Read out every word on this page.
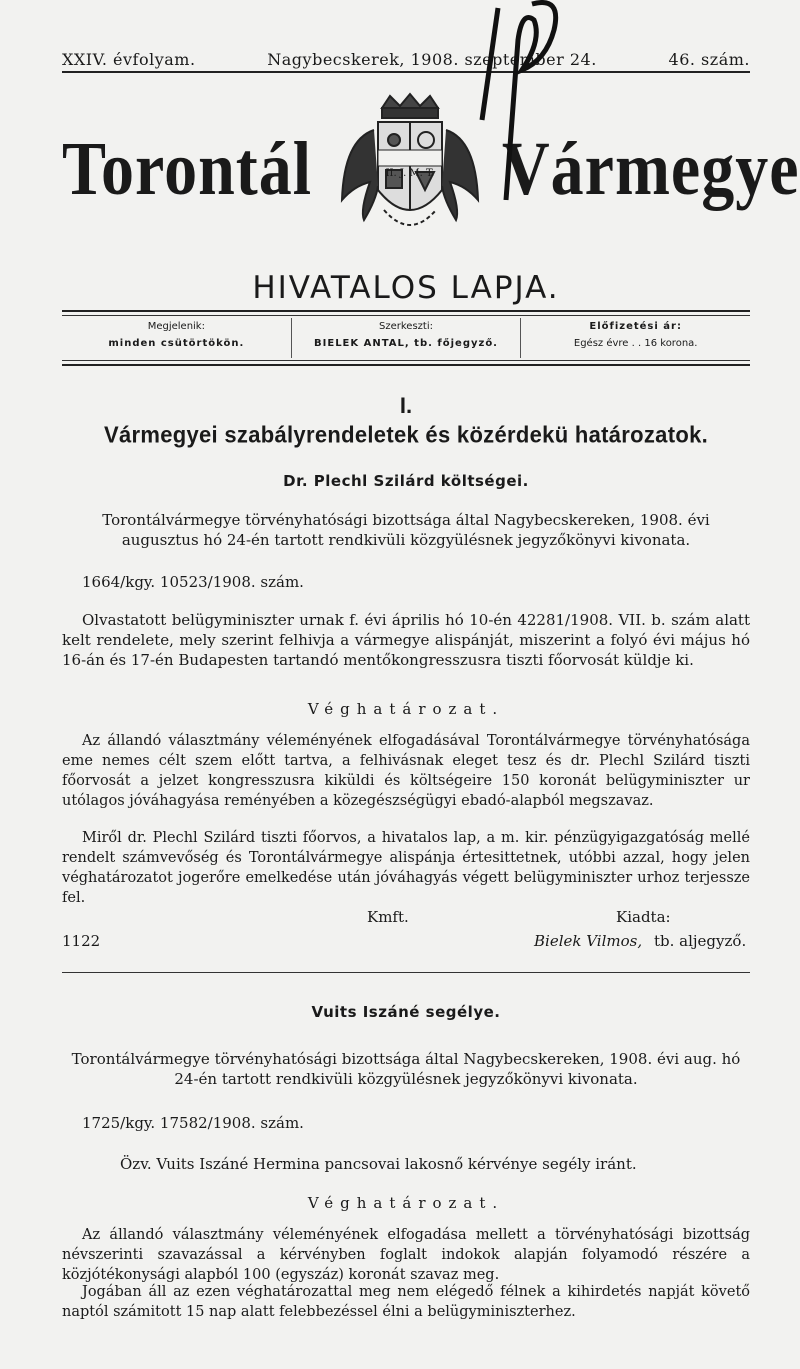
XXIV. évfolyam.	Nagybecskerek, 1908. szeptember 24.	46. szám.
Torontál	II. J. M. T. Vármegye
HIVATALOS LAPJA.
Megjelenik:
minden csütörtökön.
Szerkeszti:
BIELEK ANTAL, tb. főjegyző.
Előfizetési ár:
Egész évre . . 16 korona.
I.
Vármegyei szabályrendeletek és közérdekü határozatok.
Dr. Plechl Szilárd költségei.
Torontálvármegye törvényhatósági bizottsága által Nagybecskereken, 1908. évi augusztus hó 24-én tartott rendkivüli közgyülésnek jegyzőkönyvi kivonata.
1664/kgy. 10523/1908. szám.
Olvastatott belügyminiszter urnak f. évi április hó 10-én 42281/1908. VII. b. szám alatt kelt rendelete, mely szerint felhivja a vármegye alispánját, miszerint a folyó évi május hó 16-án és 17-én Budapesten tartandó mentőkongresszusra tiszti főorvosát küldje ki.
Véghatározat.
Az állandó választmány véleményének elfogadásával Torontálvármegye törvényhatósága eme nemes célt szem előtt tartva, a felhivásnak eleget tesz és dr. Plechl Szilárd tiszti főorvosát a jelzet kongresszusra kiküldi és költségeire 150 koronát belügyminiszter ur utólagos jóváhagyása reményében a közegészségügyi ebadó-alapból megszavaz.
Miről dr. Plechl Szilárd tiszti főorvos, a hivatalos lap, a m. kir. pénzügyigazgatóság mellé rendelt számvevőség és Torontálvármegye alispánja értesittetnek, utóbbi azzal, hogy jelen véghatározatot jogerőre emelkedése után jóváhagyás végett belügyminiszter urhoz terjessze fel.
Kmft.	Kiadta:
1122	Bielek Vilmos, tb. aljegyző.
Vuits Iszáné segélye.
Torontálvármegye törvényhatósági bizottsága által Nagybecskereken, 1908. évi aug. hó 24-én tartott rendkivüli közgyülésnek jegyzőkönyvi kivonata.
1725/kgy. 17582/1908. szám.
Özv. Vuits Iszáné Hermina pancsovai lakosnő kérvénye segély iránt.
Véghatározat.
Az állandó választmány véleményének elfogadása mellett a törvényhatósági bizottság névszerinti szavazással a kérvényben foglalt indokok alapján folyamodó részére a közjótékonysági alapból 100 (egyszáz) koronát szavaz meg.
Jogában áll az ezen véghatározattal meg nem elégedő félnek a kihirdetés napját követő naptól számitott 15 nap alatt felebbezéssel élni a belügyminiszterhez.
